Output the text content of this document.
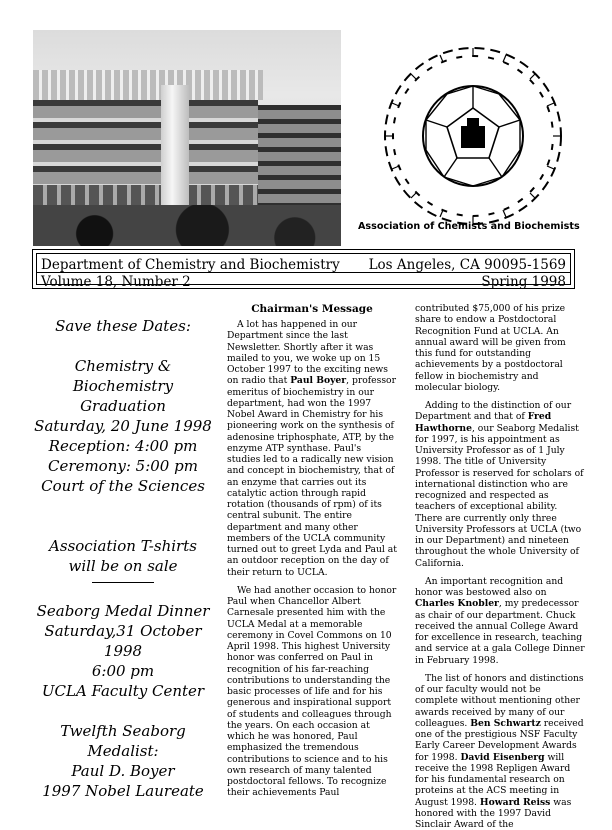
Association of Chemists and Biochemists
Department of Chemistry and Biochemistry Los Angeles, CA 90095-1569
Volume 18, Number 2	Spring 1998

Save these Dates:

Chemistry & Biochemistry Graduation

Saturday, 20 June 1998

Reception: 4:00 pm

Ceremony: 5:00 pm

Court of the Sciences

Association T-shirts

will be on sale

Seaborg Medal Dinner

Saturday,31 October 1998

6:00 pm

UCLA Faculty Center

Twelfth Seaborg

Medalist:

Paul D. Boyer

1997 Nobel Laureate

Chairman's Message

A lot has happened in our Department since the last Newsletter. Shortly after it was mailed to you, we woke up on 15 October 1997 to the exciting news on radio that Paul Boyer, professor emeritus of biochemistry in our department, had won the 1997 Nobel Award in Chemistry for his pioneering work on the synthesis of adenosine triphosphate, ATP, by the enzyme ATP synthase. Paul's studies led to a radically new vision and concept in biochemistry, that of an enzyme that carries out its catalytic action through rapid rotation (thousands of rpm) of its central subunit. The entire department and many other members of the UCLA community turned out to greet Lyda and Paul at an outdoor reception on the day of their return to UCLA.

We had another occasion to honor Paul when Chancellor Albert Carnesale presented him with the UCLA Medal at a memorable ceremony in Covel Commons on 10 April 1998. This highest University honor was conferred on Paul in recognition of his far-reaching contributions to understanding the basic processes of life and for his generous and inspirational support of students and colleagues through the years. On each occasion at which he was honored, Paul emphasized the tremendous contributions to science and to his own research of many talented postdoctoral fellows. To recognize their achievements Paul

contributed $75,000 of his prize share to endow a Postdoctoral Recognition Fund at UCLA. An annual award will be given from this fund for outstanding achievements by a postdoctoral fellow in biochemistry and molecular biology.

Adding to the distinction of our Department and that of Fred Hawthorne, our Seaborg Medalist for 1997, is his appointment as University Professor as of 1 July 1998. The title of University Professor is reserved for scholars of international distinction who are recognized and respected as teachers of exceptional ability. There are currently only three University Professors at UCLA (two in our Department) and nineteen throughout the whole University of California.

An important recognition and honor was bestowed also on Charles Knobler, my predecessor as chair of our department. Chuck received the annual College Award for excellence in research, teaching and service at a gala College Dinner in February 1998.

The list of honors and distinctions of our faculty would not be complete without mentioning other awards received by many of our colleagues. Ben Schwartz received one of the prestigious NSF Faculty Early Career Development Awards for 1998. David Eisenberg will receive the 1998 Repligen Award for his fundamental research on proteins at the ACS meeting in August 1998. Howard Reiss was honored with the 1997 David Sinclair Award of the
